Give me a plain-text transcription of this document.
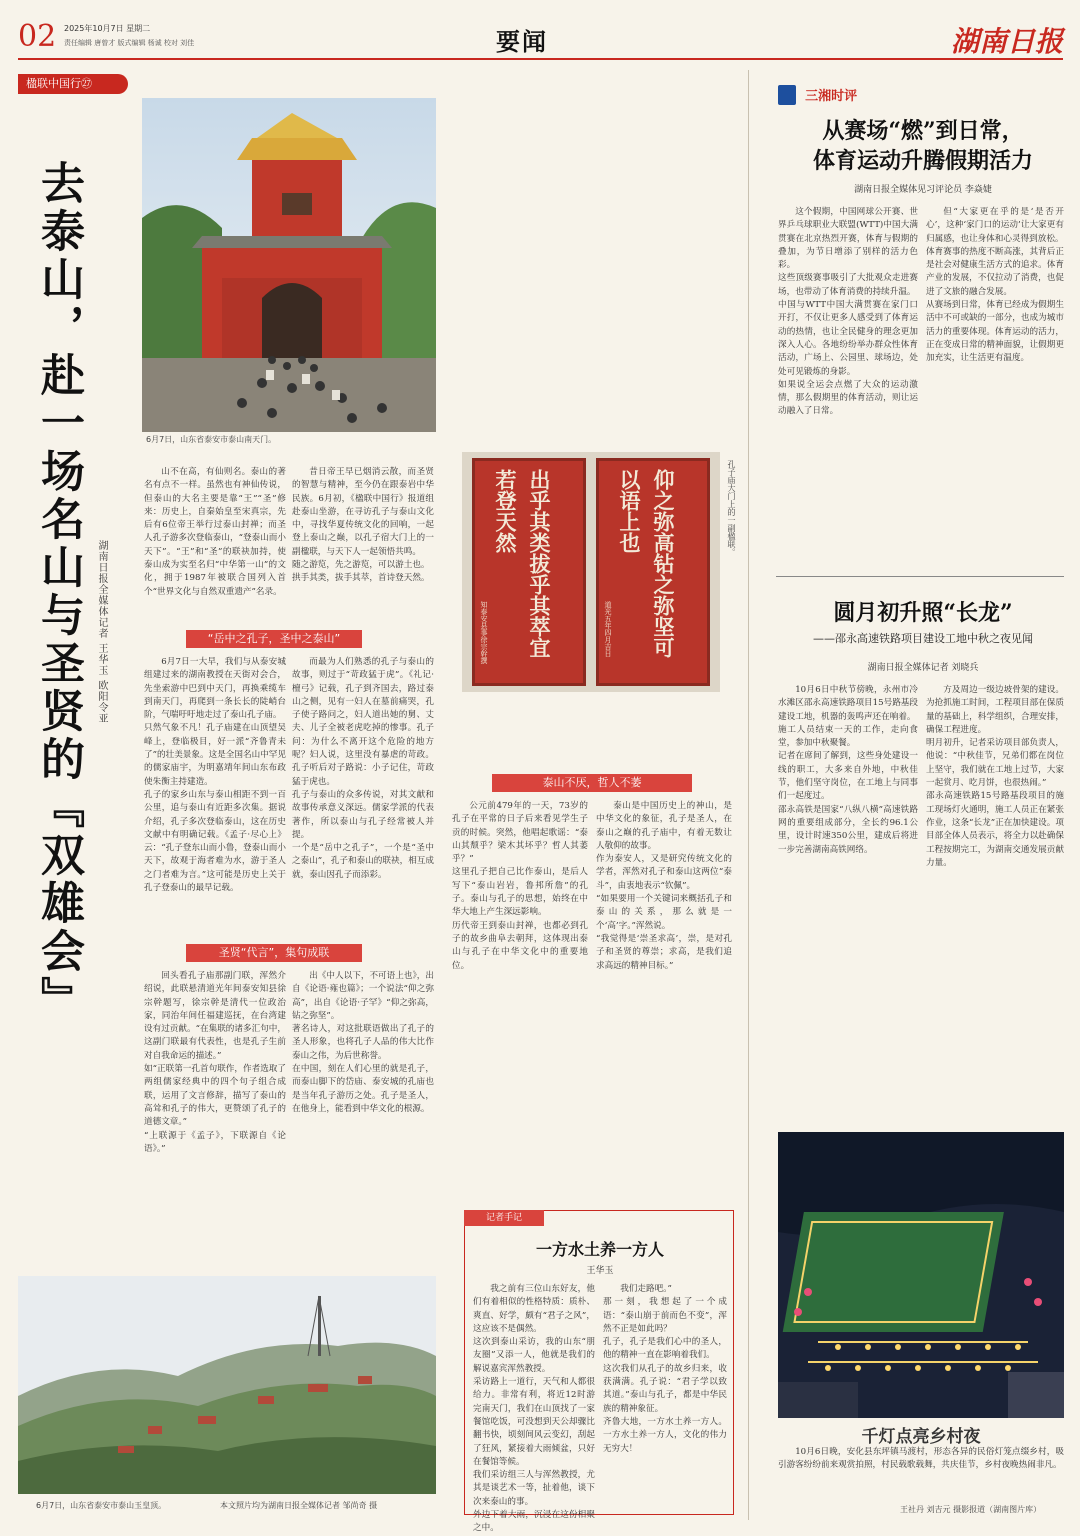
02 2025年10月7日 星期二
责任编辑 唐曾才 版式编辑 杨诚 校对 刘佳	要闻	湖南日报
楹联中国行㉗
去泰山，赴一场名山与圣贤的『双雄会』	湖南日报全媒体记者 王华玉 欧阳令亚
6月7日，山东省泰安市泰山南天门。
山不在高，有仙则名。泰山的著名有点不一样。虽然也有神仙传说，但泰山的大名主要是靠“王”“圣”修来：历史上，自秦始皇至宋真宗，先后有6位帝王举行过泰山封禅；而圣人孔子游多次登临泰山，“登泰山而小天下”。“王”和“圣”的联袂加持，使泰山成为实至名归“中华第一山”的文化，拥于1987年被联合国列入首个“世界文化与自然双重遗产”名录。
昔日帝王早已烟消云散，而圣贤的智慧与精神，至今仍在跟泰岩中华民族。6月初，《楹联中国行》报道组赴泰山坐游，在寻访孔子与泰山文化中，寻找华夏传统文化的回响，一起登上泰山之巅，以孔子宿大门上的一副楹联，与天下人一起领悟共鸣。
随之游览，先之游览，可以游土也。
拱手其类，拔手其萃，首诗登天然。
“岳中之孔子，圣中之泰山”
6月7日一大早，我们与从泰安城组建过来的湖南教授在天街对会合，先坐索游中巴到中天门，再换乘缆车到南天门，再爬到一条长长的陡峭台阶，气喘吁吁地走过了泰山孔子庙。
只然气象不凡！孔子庙建在山顶望吴峰上，登临极目，好一派“齐鲁青未了”的壮美景象。这是全国名山中罕见的儒家庙宇，为明嘉靖年间山东布政使朱衡主持建造。
孔子的家乡山东与泰山相距不到一百公里，追与泰山有近距多次集。据说介绍，孔子多次登临泰山，这在历史文献中有明确记载。《孟子·尽心上》云：“孔子登东山而小鲁，登泰山而小天下，故观于海者难为水，游于圣人之门者难为言。”这可能是历史上关于孔子登泰山的最早记载。
而最为人们熟悉的孔子与泰山的故事，则过于“苛政猛于虎”。《礼记·檀弓》记载，孔子到齐国去，路过泰山之侧，见有一妇人在墓前痛哭，孔子使子路问之，妇人道出她的舅、丈夫、儿子全被老虎吃掉的惨事。孔子问：为什么不离开这个危险的地方呢？妇人说，这里没有暴虐的苛政。孔子听后对子路说：小子记住，苛政猛于虎也。
孔子与泰山的众多传说，对其文献和故事传承意义深远。儒家学派的代表著作，所以泰山与孔子经常被人并提。
一个是“岳中之孔子”，一个是“圣中之泰山”，孔子和泰山的联袂，相互成就，泰山因孔子而添彩。
圣贤“代言”，集句成联
回头看孔子庙那副门联，浑然介绍说，此联悬清道光年间泰安知县徐宗幹题写，徐宗幹是清代一位政治家，同治年间任福建巡抚，在台湾建设有过贡献。“在集联的诸多汇句中，这副门联最有代表性，也是孔子生前对自我命运的描述。”
如“正联第一孔首句联作，作者选取了两组儒家经典中的四个句子组合成联，运用了文言修辞，描写了泰山的高耸和孔子的伟大，更赞颂了孔子的道德文章。”
“上联源于《孟子》，下联源自《论语》。”
出《中人以下，不可语上也》，出自《论语·雍也篇》；一个说法“仰之弥高”，出自《论语·子罕》“仰之弥高，钻之弥坚”。
著名诗人，对这批联语做出了孔子的圣人形象，也将孔子人品的伟大比作泰山之伟，为后世称誉。
在中国，刻在人们心里的就是孔子，而泰山脚下的岱庙、泰安城的孔庙也是当年孔子游历之处。孔子是圣人，在他身上，能看到中华文化的根源。
6月7日，山东省泰安市泰山玉皇顶。	本文照片均为湖南日报全媒体记者 邹尚奇 摄
出乎其类拔乎其萃宜
若登天然
知泰安县事徐宗幹撰	仰之弥高钻之弥坚可
以语上也
道光五年四月吉日
孔子庙大门上的一副楹联。
泰山不厌，哲人不萎
公元前479年的一天，73岁的孔子在平常的日子后来看见学生子贡的时候。突然，他唱起歌谣：“泰山其颓乎？梁木其坏乎？哲人其萎乎？”
这里孔子把自己比作泰山，是后人写下“泰山岩岩，鲁邦所詹”的孔子。泰山与孔子的思想，始终在中华大地上产生深远影响。
历代帝王到泰山封禅，也都必到孔子的故乡曲阜去朝拜，这体现出泰山与孔子在中华文化中的重要地位。
泰山是中国历史上的神山，是中华文化的象征，孔子是圣人，在泰山之巅的孔子庙中，有着无数让人敬仰的故事。
作为泰安人，又是研究传统文化的学者，浑然对孔子和泰山这两位“泰斗”，由衷地表示“钦佩”。
“如果要用一个关键词来概括孔子和泰山的关系，那么就是一个‘高’字。”浑然说。
“我觉得是‘崇圣求高’，崇，是对孔子和圣贤的尊崇；求高，是我们追求高远的精神目标。”
记者手记
一方水土养一方人
王华玉
我之前有三位山东好友，他们有着相似的性格特质：质朴、爽直、好学，颇有“君子之风”，这应该不是偶然。
这次到泰山采访，我的山东“朋友圈”又添一人，他就是我们的解说嘉宾浑然教授。
采访路上一道行，天气和人都很给力。非常有利，将近12时游完南天门，我们在山顶找了一家餐馆吃饭，可没想到天公却骤比翻书快，顷刻间风云变幻，刮起了狂风，紧接着大雨倾盆，只好在餐馆等候。
我们采访组三人与浑然教授，尤其是谈艺术一等，扯着他，谈下次来泰山的事。
外边下着大雨，沉浸在这份相聚之中。
我们走路吧。”
那一刻，我想起了一个成语：“泰山崩于前而色不变”，浑然不正是如此吗？
孔子，孔子是我们心中的圣人，他的精神一直在影响着我们。
这次我们从孔子的故乡归来，收获满满。孔子说：“君子学以致其道。”泰山与孔子，都是中华民族的精神象征。
齐鲁大地，一方水土养一方人。一方水土养一方人，文化的伟力无穷大！
三湘时评
从赛场“燃”到日常，
体育运动升腾假期活力
湖南日报全媒体见习评论员 李焱婕
这个假期，中国网球公开赛、世界乒乓球职业大联盟(WTT)中国大满贯赛在北京热烈开赛，体育与假期的叠加，为节日增添了别样的活力色彩。
这些顶级赛事吸引了大批观众走进赛场，也带动了体育消费的持续升温。
中国与WTT中国大满贯赛在家门口开打，不仅让更多人感受到了体育运动的热情，也让全民健身的理念更加深入人心。各地纷纷举办群众性体育活动，广场上、公园里、球场边，处处可见锻炼的身影。
如果说全运会点燃了大众的运动激情，那么假期里的体育活动，则让运动融入了日常。
但“大家更在乎的是‘是否开心’，这种‘家门口的运动’让大家更有归属感，也让身体和心灵得到放松。
体育赛事的热度不断高涨，其背后正是社会对健康生活方式的追求。体育产业的发展，不仅拉动了消费，也促进了文旅的融合发展。
从赛场到日常，体育已经成为假期生活中不可或缺的一部分，也成为城市活力的重要体现。体育运动的活力，正在变成日常的精神面貌，让假期更加充实，让生活更有温度。
圆月初升照“长龙”
——邵永高速铁路项目建设工地中秋之夜见闻
湖南日报全媒体记者 刘晓兵
10月6日中秋节傍晚，永州市冷水滩区邵永高速铁路项目15号路基段建设工地，机器的轰鸣声还在响着。
施工人员结束一天的工作，走向食堂，参加中秋聚餐。
记者在席间了解到，这些身处建设一线的职工，大多来自外地，中秋佳节，他们坚守岗位，在工地上与同事们一起度过。
邵永高铁是国家“八纵八横”高速铁路网的重要组成部分，全长约96.1公里，设计时速350公里，建成后将进一步完善湖南高铁网络。
方及周边一级边坡骨架的建设。为抢抓施工时间，工程项目部在保质量的基础上，科学组织，合理安排，确保工程进度。
明月初升，记者采访项目部负责人，他说：“中秋佳节，兄弟们都在岗位上坚守，我们就在工地上过节，大家一起赏月、吃月饼，也很热闹。”
邵永高速铁路15号路基段项目的施工现场灯火通明，施工人员正在紧张作业，这条“长龙”正在加快建设。项目部全体人员表示，将全力以赴确保工程按期完工，为湖南交通发展贡献力量。
千灯点亮乡村夜
10月6日晚，安化县东坪镇马渡村，形态各异的民俗灯笼点缀乡村，吸引游客纷纷前来观赏拍照，村民载歌载舞，共庆佳节，乡村夜晚热闹非凡。
王社丹 刘吉元 摄影报道（湖南图片库）
